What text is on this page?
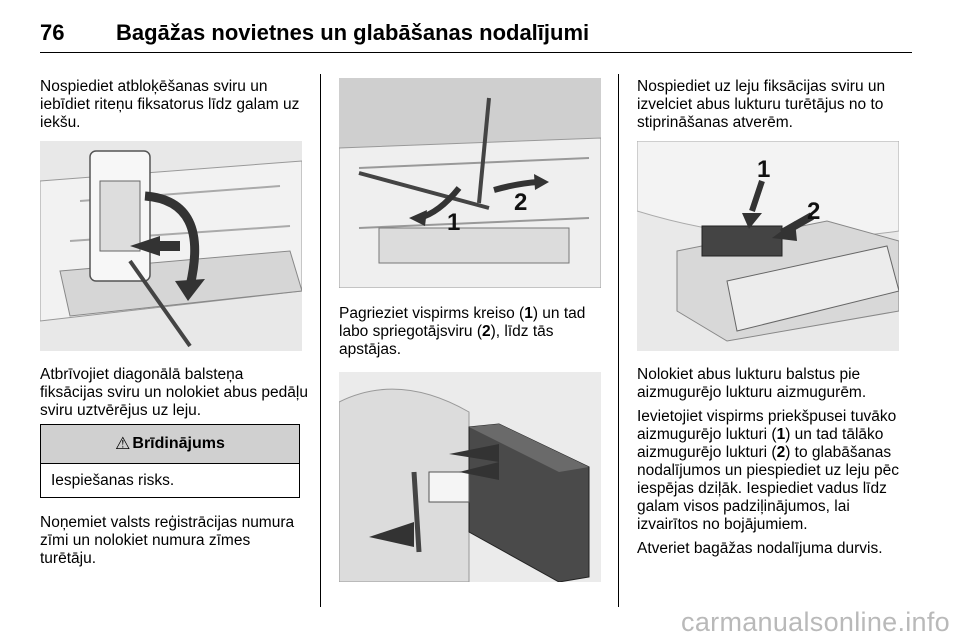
76 Bagāžas novietnes un glabāšanas nodalījumi

Nospiediet atbloķēšanas sviru un iebīdiet riteņu fiksatorus līdz galam uz iekšu.

Atbrīvojiet diagonālā balsteņa fiksācijas sviru un nolokiet abus pedāļu sviru uztvērējus uz leju.

⚠ Brīdinājums
Iespiešanas risks.

Noņemiet valsts reģistrācijas numura zīmi un nolokiet numura zīmes turētāju.

1
2

Pagrieziet vispirms kreiso (1) un tad labo spriegotājsviru (2), līdz tās apstājas.

Nospiediet uz leju fiksācijas sviru un izvelciet abus lukturu turētājus no to stiprināšanas atverēm.

1
2

Nolokiet abus lukturu balstus pie aizmugurējo lukturu aizmugurēm.

Ievietojiet vispirms priekšpusei tuvāko aizmugurējo lukturi (1) un tad tālāko aizmugurējo lukturi (2) to glabāšanas nodalījumos un piespiediet uz leju pēc iespējas dziļāk. Iespiediet vadus līdz galam visos padziļinājumos, lai izvairītos no bojājumiem.

Atveriet bagāžas nodalījuma durvis.

carmanualsonline.info
